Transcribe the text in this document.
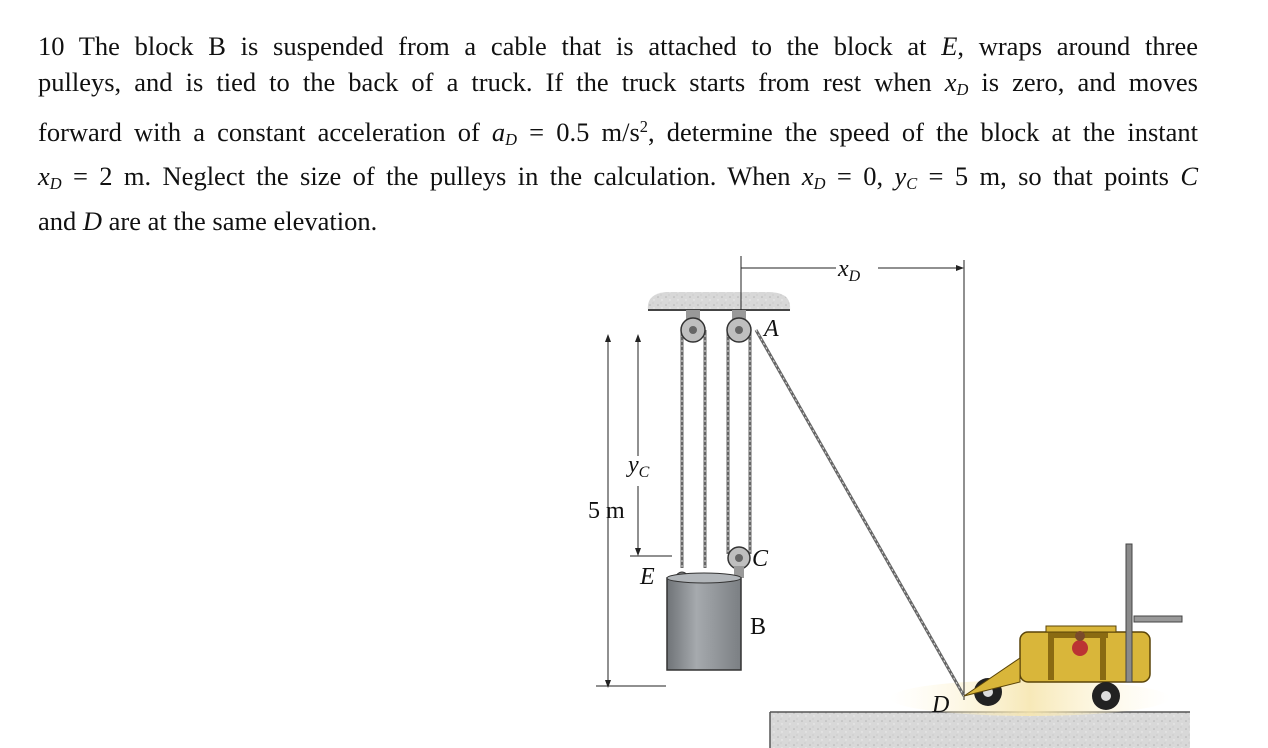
10 The block B is suspended from a cable that is attached to the block at E, wraps around three
pulleys, and is tied to the back of a truck. If the truck starts from rest when $x_D$ is zero, and moves
forward with a constant acceleration of $a_D = 0.5$ $m/s^2$, determine the speed of the block at the instant
$x_D = 2$ m. Neglect the size of the pulleys in the calculation. When $x_D = 0$, $y_C = 5$ m, so that points C
and D are at the same elevation.
$x_D$
$y_C$
5 m
A
C
E
B
D
